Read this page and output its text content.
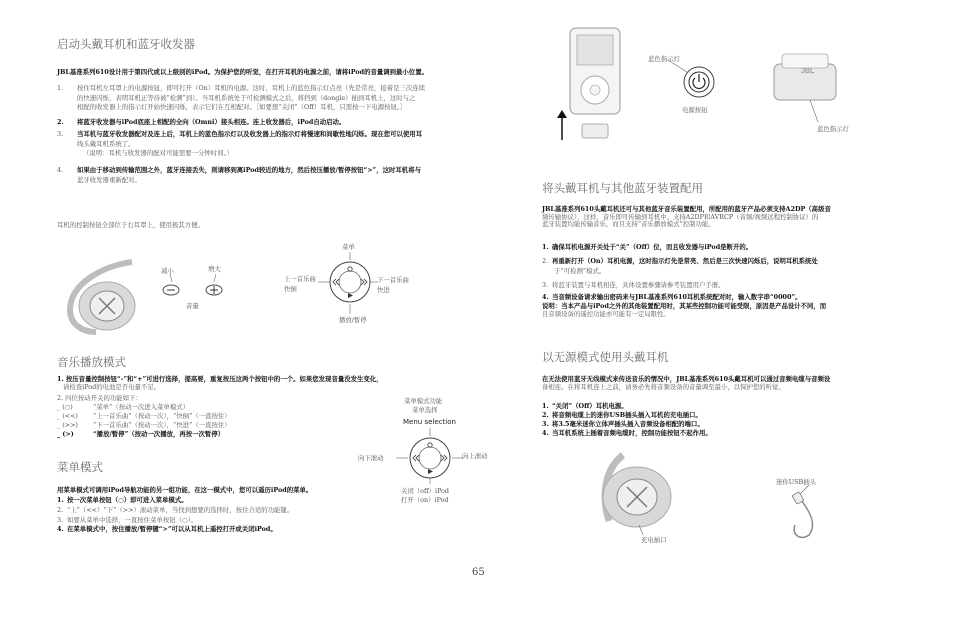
启动头戴耳机和蓝牙收发器
JBL基准系列610设计用于第四代或以上级别的iPod。为保护您的听觉，在打开耳机的电源之前，请将iPod的音量调到最小位置。
1. 按住耳机左耳罩上的电源按钮，即可打开（On）耳机的电源。这时，耳机上的蓝色指示灯点亮（先是常亮，接着是三次连续
的快速闪烁，表明耳机正等待被“检测”到）。当耳机系统处于可检测模式之后，将挡到（dongle）插到耳机上，这时与之
相配的收发器上的指示灯开始快速闪烁，表示它们在互相配对。［如要想“关闭”（Off）耳机，只需按一下电源按钮。］
2. 将蓝牙收发器与iPod底座上相配的全向（Omni）接头相连。连上收发器后，iPod自动启动。
3. 当耳机与蓝牙收发器配对及连上后，耳机上的蓝色指示灯以及收发器上的指示灯将慢速和间歇性地闪烁。现在您可以使用耳
线头戴耳机系统了。
（说明：耳机与收发器的配对可能需要一分钟时间。）
4. 如果由于移动到传输范围之外，蓝牙连接丢失，则请移到离iPod较近的地方，然后按压播放/暂停按钮“>”，这时耳机将与
蓝牙收发器重新配对。
耳机的控制按钮全部位于右耳罩上，使用极其方便。
减小	增大
音量
菜单
上一首乐曲
快倒
下一首乐曲
快进
播放/暂停
音乐播放模式
1. 按压音量控制按钮“-”和“+”可进行选择，提高要，重复按压这两个按钮中的一个。如果您发现音量没发生变化，
请检查iPod的电池是否电量不足。
2. 四位按动开关的功能如下：
_ (○)	“菜单”（按动一次进入菜单模式）
_ (<<) “上一首乐曲”（按动一次），“快倒”（一直按住）
_ (>>) “下一首乐曲”（按动一次），“快进”（一直按住）
_ (>)	“播放/暂停”（按动一次播放，再按一次暂停）
菜单模式功能
菜单选择
Menu selection
向下滚动	向上滚动
关闭（off）iPod
打开（on）iPod
菜单模式
用菜单模式可调用iPod导航功能的另一组功能，在这一模式中，您可以遥历iPod的菜单。
1. 按一次菜单按钮（○）即可进入菜单模式。
2. “上”（<<）“下”（>>）滚动菜单，当找到想要的选择时，按住合适的功能键。
3. 如要从菜单中选择，一直按住菜单按钮（○）。
4. 在菜单模式中，按住播放/暂停键“>”可以从耳机上遥控打开或关闭iPod。
蓝色指示灯
电源按钮
蓝色指示灯
JBL
将头戴耳机与其他蓝牙装置配用
JBL基准系列610头戴耳机还可与其他蓝牙音乐装置配用，所配用的蓝牙产品必须支持A2DP（高级音
频传输协议），这样，音乐即可传输到耳机中。支持A2DP和AVRCP（音频/视频远程控制协议）的
蓝牙装置均能传输音乐，而且支持“音乐播放模式”控制功能。
1. 确保耳机电源开关处于“关”（Off）位，而且收发器与iPod是断开的。
2. 再重新打开（On）耳机电源，这时指示灯先是常亮、然后是三次快速闪烁后，说明耳机系统处
于“可检测”模式。
3. 将蓝牙装置与耳机相连，具体设置参骤请参考装置用户手册。
4. 当音频设备请求输出密码来与JBL基准系列610耳机系统配对时，输入数字串“0000”。
说明：当本产品与iPod之外的其他装置配用时，其某些控制功能可能受限，原因是产品设计不同，而
且音频设备的遥控功能亦可能有一定局限性。
以无源模式使用头戴耳机
在无法使用蓝牙无线模式来传送音乐的情况中，JBL基准系列610头戴耳机可以通过音频电缆与音频设
备相连。在将耳机连上之前，请务必先将音频设备的音量调至最小，以保护您的听觉。
1. “关闭”（Off）耳机电源。
2. 将音频电缆上的迷你USB插头插入耳机的充电插口。
3. 将3.5毫米迷你立体声插头插入音频设备相配的端口。
4. 当耳机系统上插着音频电缆时，控制功能按钮不起作用。
迷你USB插头
充电插口
65
